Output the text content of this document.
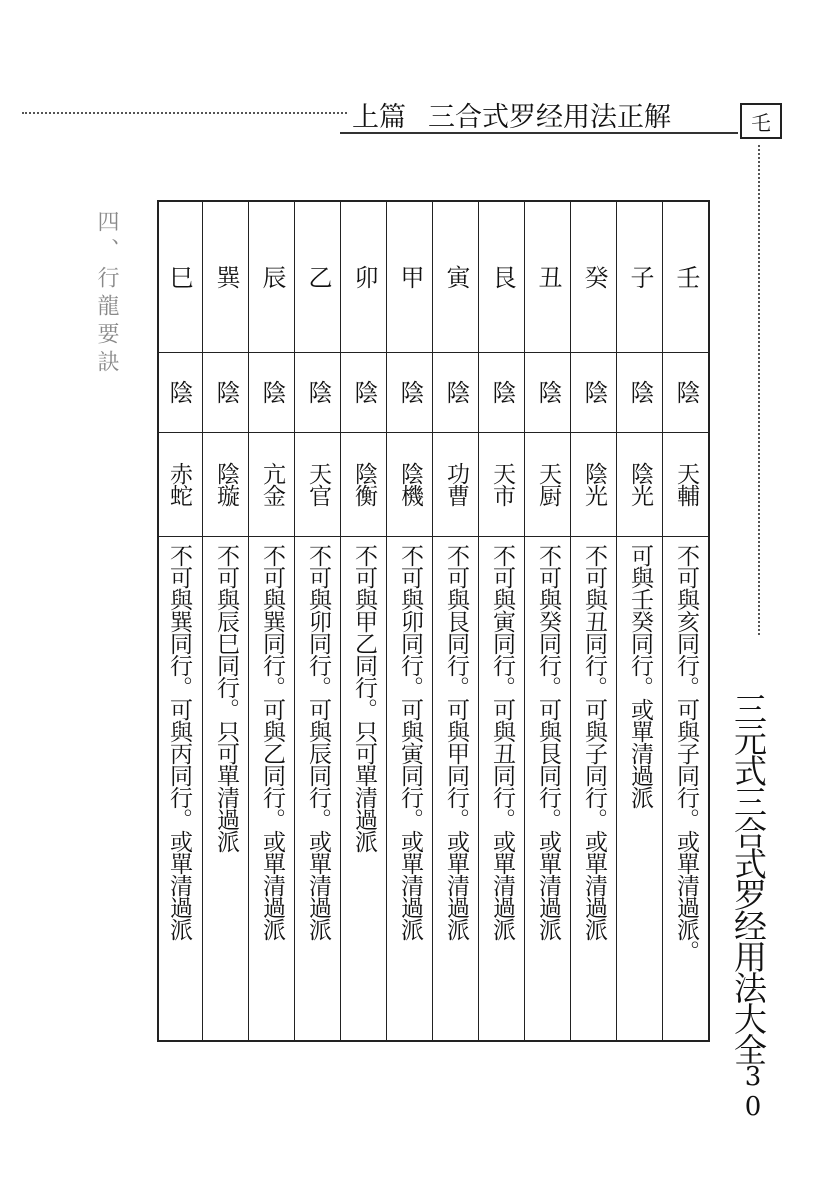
上篇 三合式罗经用法正解	乇
三元式三合式罗经用法大全
30
四、行龍要訣	壬
陰
天輔
不可與亥同行。可與子同行。或單清過派。
子
陰
陰光
可與壬癸同行。或單清過派
癸
陰
陰光
不可與丑同行。可與子同行。或單清過派
丑
陰
天厨
不可與癸同行。可與艮同行。或單清過派
艮
陰
天市
不可與寅同行。可與丑同行。或單清過派
寅
陰
功曹
不可與艮同行。可與甲同行。或單清過派
甲
陰
陰機
不可與卯同行。可與寅同行。或單清過派
卯
陰
陰衡
不可與甲乙同行。只可單清過派
乙
陰
天官
不可與卯同行。可與辰同行。或單清過派
辰
陰
亢金
不可與巽同行。可與乙同行。或單清過派
巽
陰
陰璇
不可與辰巳同行。只可單清過派
巳
陰
赤蛇
不可與巽同行。可與丙同行。或單清過派
